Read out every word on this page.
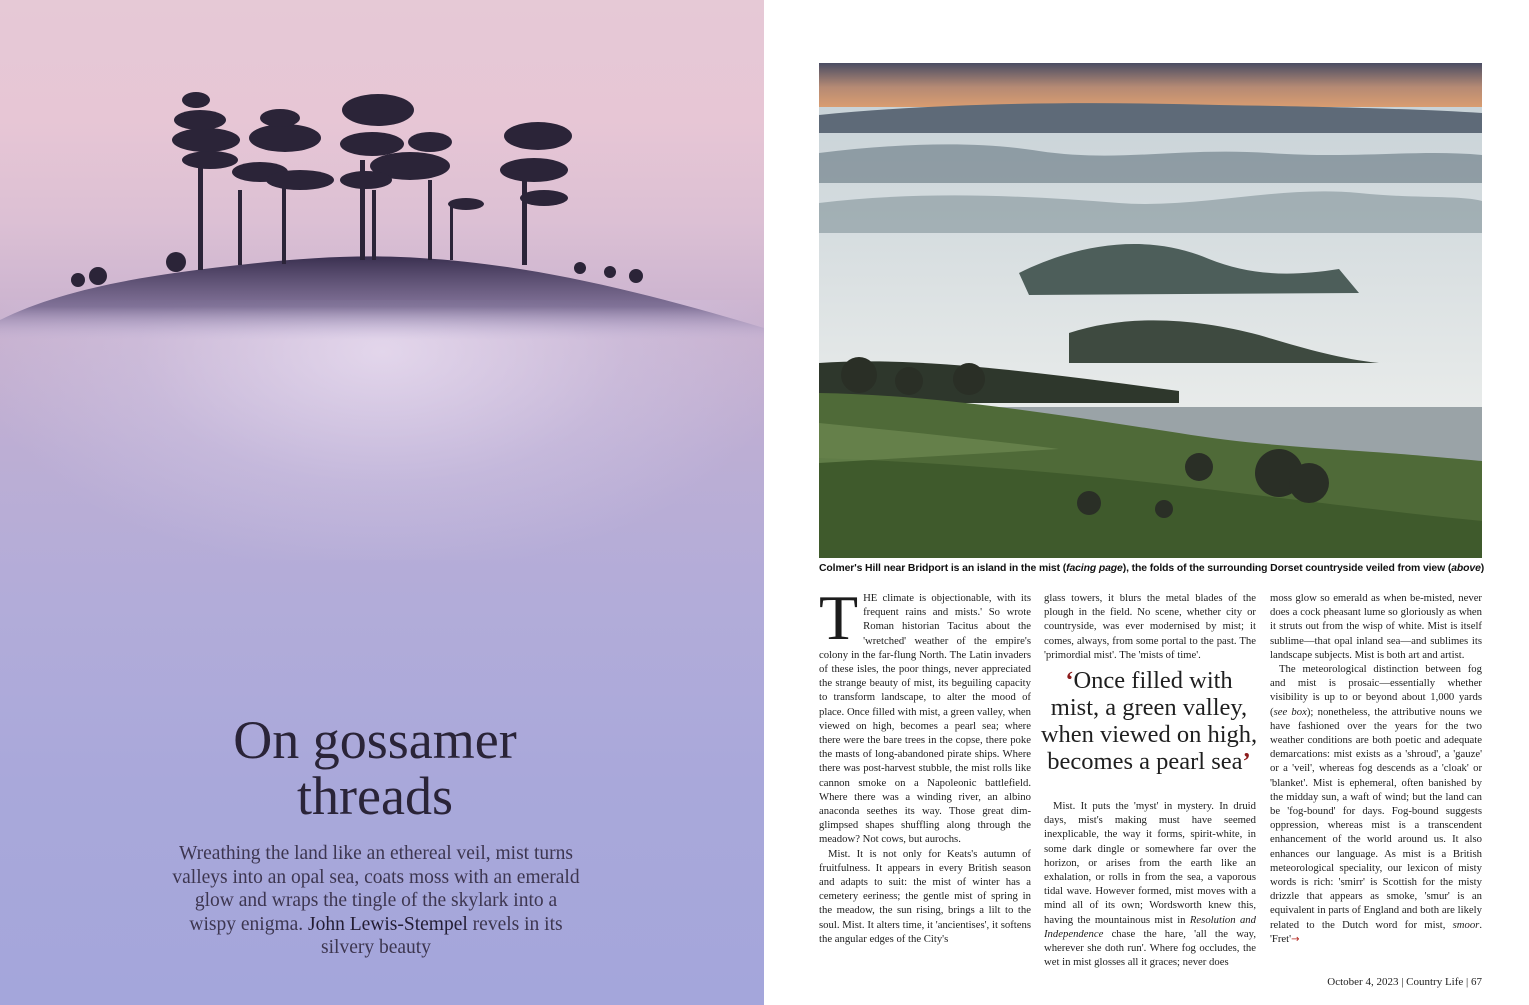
On gossamer
threads

Wreathing the land like an ethereal veil, mist turns valleys into an opal sea, coats moss with an emerald glow and wraps the tingle of the skylark into a wispy enigma. John Lewis-Stempel revels in its silvery beauty

Colmer's Hill near Bridport is an island in the mist (facing page), the folds of the surrounding Dorset countryside veiled from view (above)

THE climate is objectionable, with its frequent rains and mists.' So wrote Roman historian Tacitus about the 'wretched' weather of the empire's colony in the far-flung North. The Latin invaders of these isles, the poor things, never appreciated the strange beauty of mist, its beguiling capacity to transform landscape, to alter the mood of place. Once filled with mist, a green valley, when viewed on high, becomes a pearl sea; where there were the bare trees in the copse, there poke the masts of long-abandoned pirate ships. Where there was post-harvest stubble, the mist rolls like cannon smoke on a Napoleonic battlefield. Where there was a winding river, an albino anaconda seethes its way. Those great dim-glimpsed shapes shuffling along through the meadow? Not cows, but aurochs.

Mist. It is not only for Keats's autumn of fruitfulness. It appears in every British season and adapts to suit: the mist of winter has a cemetery eeriness; the gentle mist of spring in the meadow, the sun rising, brings a lilt to the soul. Mist. It alters time, it 'ancientises', it softens the angular edges of the City's

glass towers, it blurs the metal blades of the plough in the field. No scene, whether city or countryside, was ever modernised by mist; it comes, always, from some portal to the past. The 'primordial mist'. The 'mists of time'.

Mist. It puts the 'myst' in mystery. In druid days, mist's making must have seemed inexplicable, the way it forms, spirit-white, in some dark dingle or somewhere far over the horizon, or arises from the earth like an exhalation, or rolls in from the sea, a vaporous tidal wave. However formed, mist moves with a mind all of its own; Wordsworth knew this, having the mountainous mist in Resolution and Independence chase the hare, 'all the way, wherever she doth run'. Where fog occludes, the wet in mist glosses all it graces; never does

‘Once filled with mist, a green valley, when viewed on high, becomes a pearl sea’

moss glow so emerald as when be-misted, never does a cock pheasant lume so gloriously as when it struts out from the wisp of white. Mist is itself sublime—that opal inland sea—and sublimes its landscape subjects. Mist is both art and artist.

The meteorological distinction between fog and mist is prosaic—essentially whether visibility is up to or beyond about 1,000 yards (see box); nonetheless, the attributive nouns we have fashioned over the years for the two weather conditions are both poetic and adequate demarcations: mist exists as a 'shroud', a 'gauze' or a 'veil', whereas fog descends as a 'cloak' or 'blanket'. Mist is ephemeral, often banished by the midday sun, a waft of wind; but the land can be 'fog-bound' for days. Fog-bound suggests oppression, whereas mist is a transcendent enhancement of the world around us. It also enhances our language. As mist is a British meteorological speciality, our lexicon of misty words is rich: 'smirr' is Scottish for the misty drizzle that appears as smoke, 'smur' is an equivalent in parts of England and both are likely related to the Dutch word for mist, smoor. 'Fret'→

October 4, 2023 | Country Life | 67
